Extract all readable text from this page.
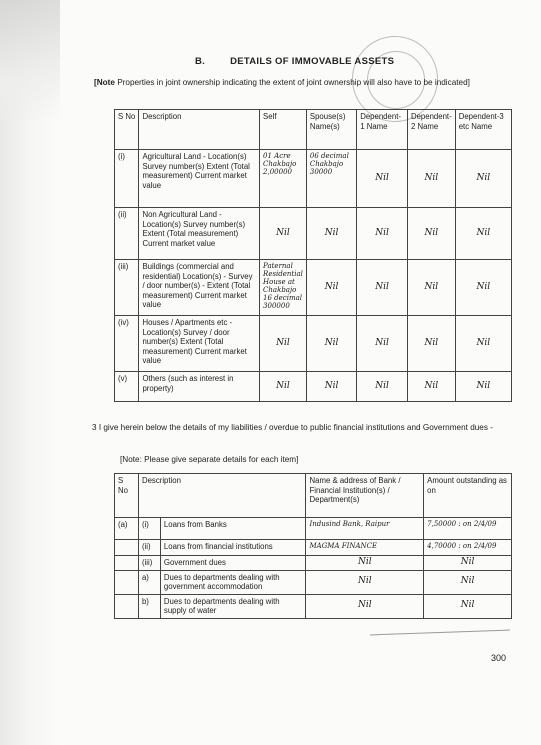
B.	DETAILS OF IMMOVABLE ASSETS
[Note Properties in joint ownership indicating the extent of joint ownership will also have to be indicated]
S No	Description	Self	Spouse(s) Name(s)	Dependent-1 Name	Dependent-2 Name	Dependent-3 etc Name
(i)	Agricultural Land - Location(s) Survey number(s) Extent (Total measurement) Current market value	01 Acre Chakbajo 2,00000	06 decimal Chakbajo 30000	Nil	Nil	Nil
(ii)	Non Agricultural Land - Location(s) Survey number(s) Extent (Total measurement) Current market value	Nil	Nil	Nil	Nil	Nil
(iii)	Buildings (commercial and residential) Location(s) - Survey / door number(s) - Extent (Total measurement) Current market value	Paternal Residential House at Chakbajo 16 decimal 300000	Nil	Nil	Nil	Nil
(iv)	Houses / Apartments etc - Location(s) Survey / door number(s) Extent (Total measurement) Current market value	Nil	Nil	Nil	Nil	Nil
(v)	Others (such as interest in property)	Nil	Nil	Nil	Nil	Nil
3 I give herein below the details of my liabilities / overdue to public financial institutions and Government dues -
[Note: Please give separate details for each item]
S No	Description		Name & address of Bank / Financial Institution(s) / Department(s)	Amount outstanding as on
(a)	(i)	Loans from Banks	Indusind Bank, Raipur	7,50000 : on 2/4/09
	(ii)	Loans from financial institutions	MAGMA FINANCE	4,70000 : on 2/4/09
	(iii)	Government dues	Nil	Nil
	a)	Dues to departments dealing with government accommodation	Nil	Nil
	b)	Dues to departments dealing with supply of water	Nil	Nil
300
